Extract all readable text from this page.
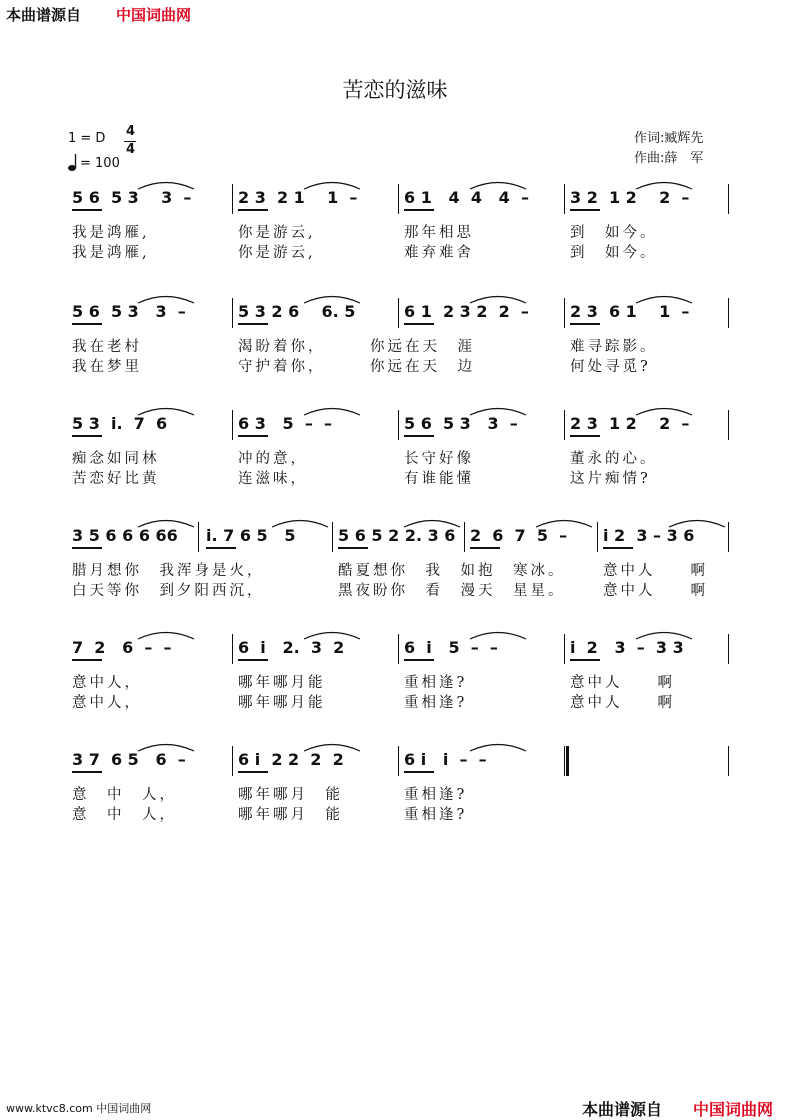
本曲谱源自 中国词曲网
苦恋的滋味
1 = D 4
4
= 100
作词:臧辉先
作曲:薛　军
5 6  5 3    3  –	2 3  2 1    1  –	6 1   4  4   4  –	3 2  1 2    2  –
我是鸿雁,	你是游云,	那年相思	到　如今。
我是鸿雁,	你是游云,	难弃难舍	到　如今。
5 6  5 3   3  –	5 3 2 6    6. 5	6 1  2 3 2  2  –	2 3  6 1    1  –
我在老村	渴盼着你，	你远在天　涯	难寻踪影。
我在梦里	守护着你，	你远在天　边	何处寻觅?
5 3  i.  7  6	6 3   5  –  –	5 6  5 3   3  –	2 3  1 2    2  –
痴念如同林	冲的意，	长守好像	董永的心。
苦恋好比黄	连滋味，	有谁能懂	这片痴情?
3 5 6 6 6 66 i. 7 6 5   5	5 6 5 2 2. 3 6 2  6  7  5  – i 2  3 – 3 6
腊月想你　我浑身是火，	酷夏想你　我　如抱　寒冰。	意中人　　啊
白天等你　到夕阳西沉，	黑夜盼你　看　漫天　星星。	意中人　　啊
7  2   6  –  –	6  i   2.  3  2	6  i   5  –  –	i  2   3  –  3 3
意中人，	哪年哪月能	重相逢?	意中人　　啊
意中人，	哪年哪月能	重相逢?	意中人　　啊
3 7  6 5   6  –	6 i  2 2  2  2	6 i   i  –  –
意　中　人，	哪年哪月　能	重相逢?
意　中　人，	哪年哪月　能	重相逢?
www.ktvc8.com 中国词曲网	本曲谱源自 中国词曲网
